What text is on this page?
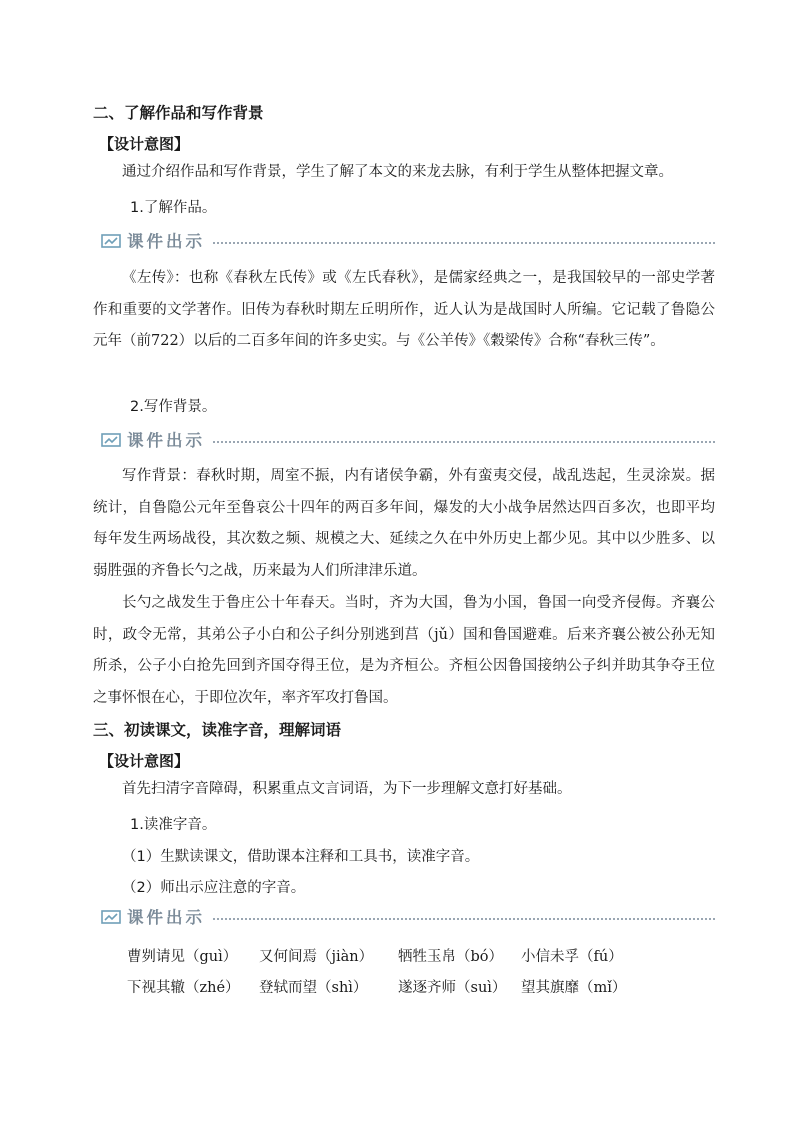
二、了解作品和写作背景
【设计意图】
通过介绍作品和写作背景，学生了解了本文的来龙去脉，有利于学生从整体把握文章。
1.了解作品。
课件出示
《左传》：也称《春秋左氏传》或《左氏春秋》，是儒家经典之一，是我国较早的一部史学著作和重要的文学著作。旧传为春秋时期左丘明所作，近人认为是战国时人所编。它记载了鲁隐公元年（前722）以后的二百多年间的许多史实。与《公羊传》《穀梁传》合称“春秋三传”。
2.写作背景。
课件出示
写作背景：春秋时期，周室不振，内有诸侯争霸，外有蛮夷交侵，战乱迭起，生灵涂炭。据统计，自鲁隐公元年至鲁哀公十四年的两百多年间，爆发的大小战争居然达四百多次，也即平均每年发生两场战役，其次数之频、规模之大、延续之久在中外历史上都少见。其中以少胜多、以弱胜强的齐鲁长勺之战，历来最为人们所津津乐道。
长勺之战发生于鲁庄公十年春天。当时，齐为大国，鲁为小国，鲁国一向受齐侵侮。齐襄公时，政令无常，其弟公子小白和公子纠分别逃到莒（jǔ）国和鲁国避难。后来齐襄公被公孙无知所杀，公子小白抢先回到齐国夺得王位，是为齐桓公。齐桓公因鲁国接纳公子纠并助其争夺王位之事怀恨在心，于即位次年，率齐军攻打鲁国。
三、初读课文，读准字音，理解词语
【设计意图】
首先扫清字音障碍，积累重点文言词语，为下一步理解文意打好基础。
1.读准字音。
（1）生默读课文，借助课本注释和工具书，读准字音。
（2）师出示应注意的字音。
课件出示
曹刿请见（guì） 又何间焉（jiàn） 牺牲玉帛（bó） 小信未孚（fú）
下视其辙（zhé） 登轼而望（shì） 遂逐齐师（suì） 望其旗靡（mǐ）
